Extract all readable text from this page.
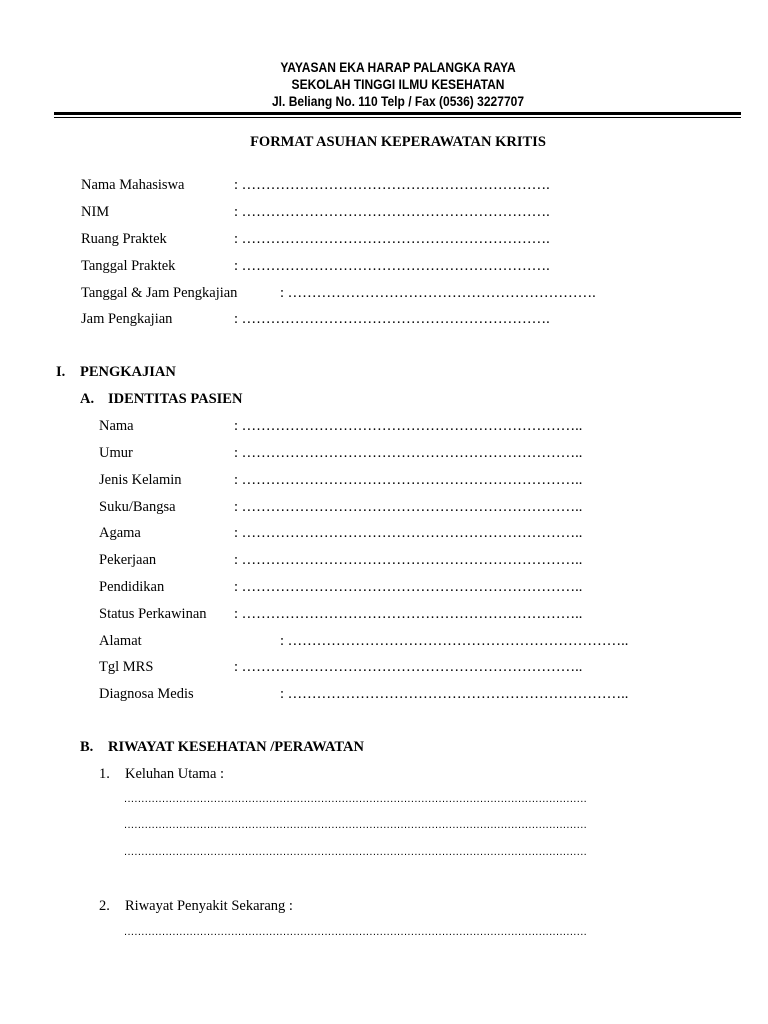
YAYASAN EKA HARAP PALANGKA RAYA
SEKOLAH TINGGI ILMU KESEHATAN
Jl. Beliang No. 110 Telp / Fax (0536) 3227707
FORMAT ASUHAN KEPERAWATAN KRITIS
Nama Mahasiswa	: ……………………………………………………….
NIM	: ……………………………………………………….
Ruang Praktek	: ……………………………………………………….
Tanggal Praktek	: ……………………………………………………….
Tanggal & Jam Pengkajian	: ……………………………………………………….
Jam Pengkajian	: ……………………………………………………….
I. PENGKAJIAN
A. IDENTITAS PASIEN
Nama	: ……………………………………………………………..
Umur	: ……………………………………………………………..
Jenis Kelamin	: ……………………………………………………………..
Suku/Bangsa	: ……………………………………………………………..
Agama	: ……………………………………………………………..
Pekerjaan	: ……………………………………………………………..
Pendidikan	: ……………………………………………………………..
Status Perkawinan : ……………………………………………………………..
Alamat	: ……………………………………………………………..
Tgl MRS	: ……………………………………………………………..
Diagnosa Medis	: ……………………………………………………………..
B. RIWAYAT KESEHATAN /PERAWATAN
1. Keluhan Utama :
......................................................................................................................................
......................................................................................................................................
......................................................................................................................................
2. Riwayat Penyakit Sekarang :
......................................................................................................................................
